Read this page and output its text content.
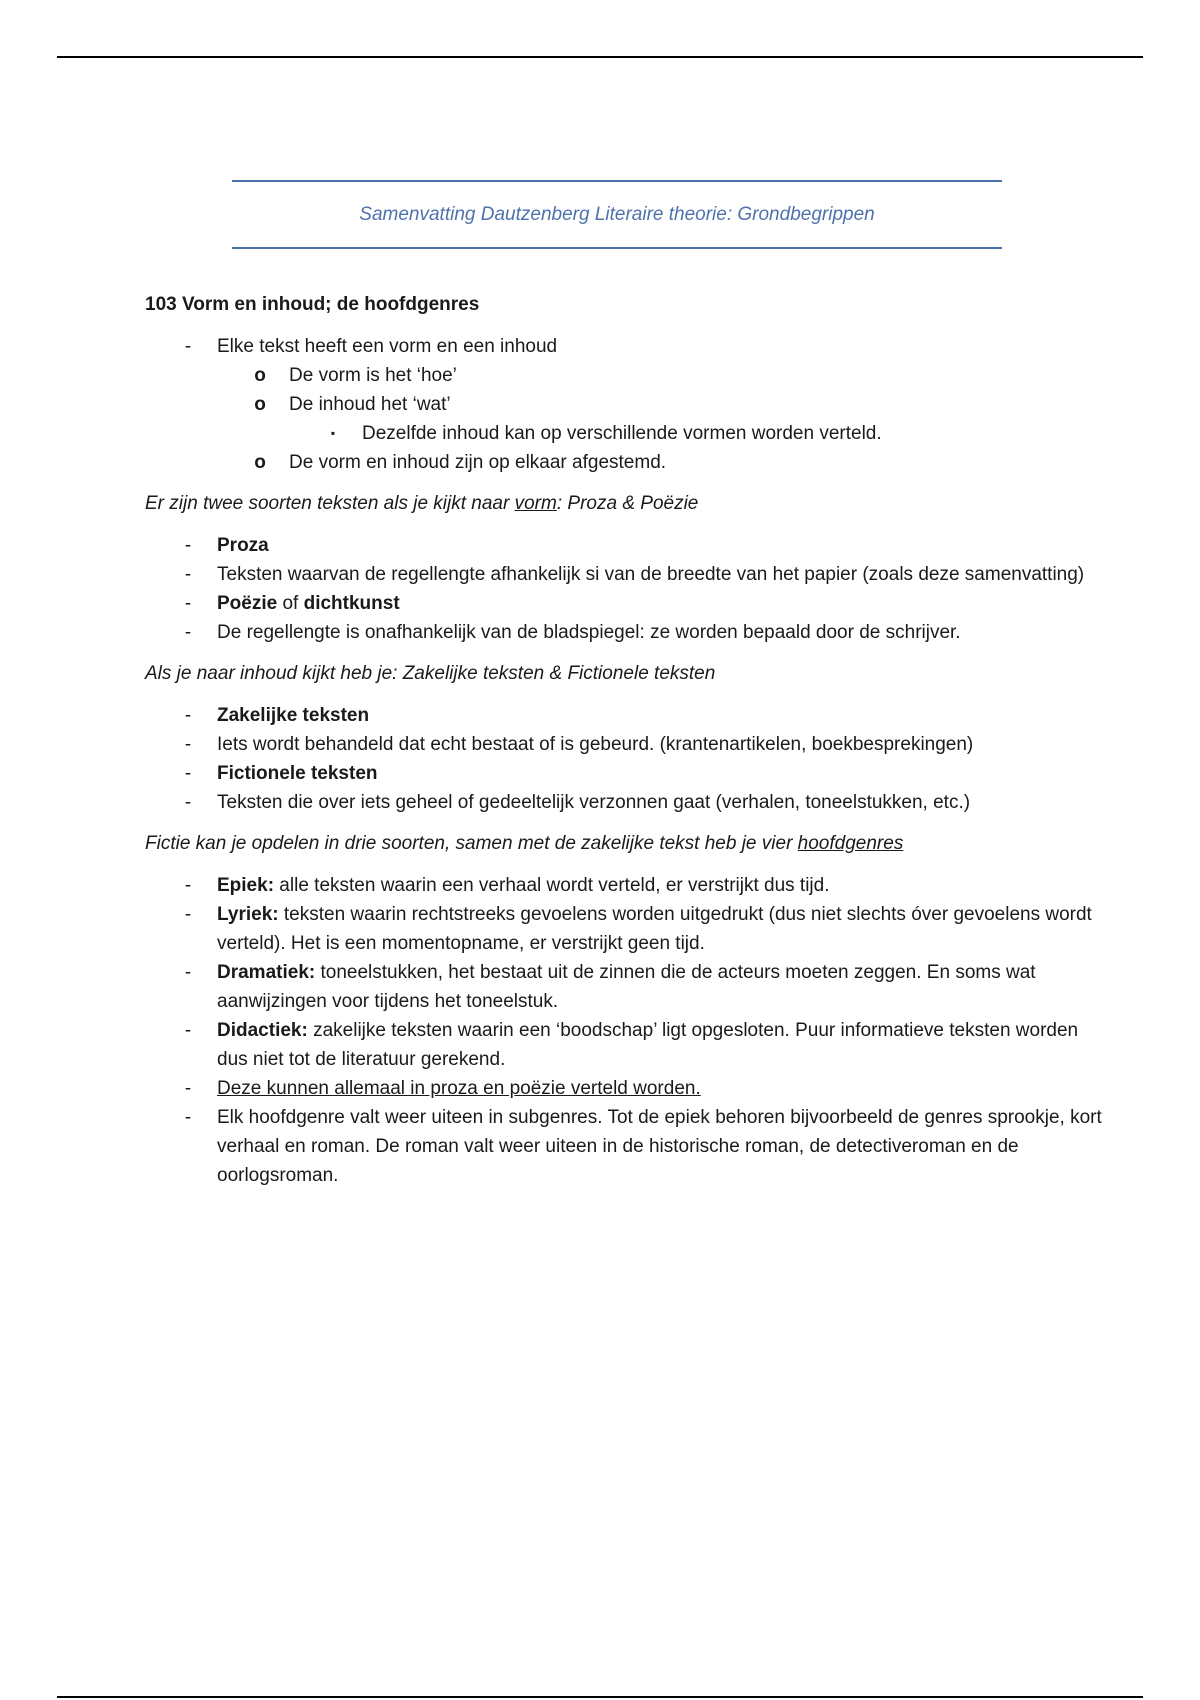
Samenvatting Dautzenberg Literaire theorie: Grondbegrippen

103 Vorm en inhoud; de hoofdgenres

- Elke tekst heeft een vorm en een inhoud
o De vorm is het ‘hoe’
o De inhoud het ‘wat’
▪ Dezelfde inhoud kan op verschillende vormen worden verteld.
o De vorm en inhoud zijn op elkaar afgestemd.

Er zijn twee soorten teksten als je kijkt naar vorm: Proza & Poëzie

- Proza
- Teksten waarvan de regellengte afhankelijk si van de breedte van het papier (zoals deze samenvatting)
- Poëzie of dichtkunst
- De regellengte is onafhankelijk van de bladspiegel: ze worden bepaald door de schrijver.

Als je naar inhoud kijkt heb je: Zakelijke teksten & Fictionele teksten

- Zakelijke teksten
- Iets wordt behandeld dat echt bestaat of is gebeurd. (krantenartikelen, boekbesprekingen)
- Fictionele teksten
- Teksten die over iets geheel of gedeeltelijk verzonnen gaat (verhalen, toneelstukken, etc.)

Fictie kan je opdelen in drie soorten, samen met de zakelijke tekst heb je vier hoofdgenres

- Epiek: alle teksten waarin een verhaal wordt verteld, er verstrijkt dus tijd.
- Lyriek: teksten waarin rechtstreeks gevoelens worden uitgedrukt (dus niet slechts óver gevoelens wordt verteld). Het is een momentopname, er verstrijkt geen tijd.
- Dramatiek: toneelstukken, het bestaat uit de zinnen die de acteurs moeten zeggen. En soms wat aanwijzingen voor tijdens het toneelstuk.
- Didactiek: zakelijke teksten waarin een ‘boodschap’ ligt opgesloten. Puur informatieve teksten worden dus niet tot de literatuur gerekend.
- Deze kunnen allemaal in proza en poëzie verteld worden.
- Elk hoofdgenre valt weer uiteen in subgenres. Tot de epiek behoren bijvoorbeeld de genres sprookje, kort verhaal en roman. De roman valt weer uiteen in de historische roman, de detectiveroman en de oorlogsroman.
